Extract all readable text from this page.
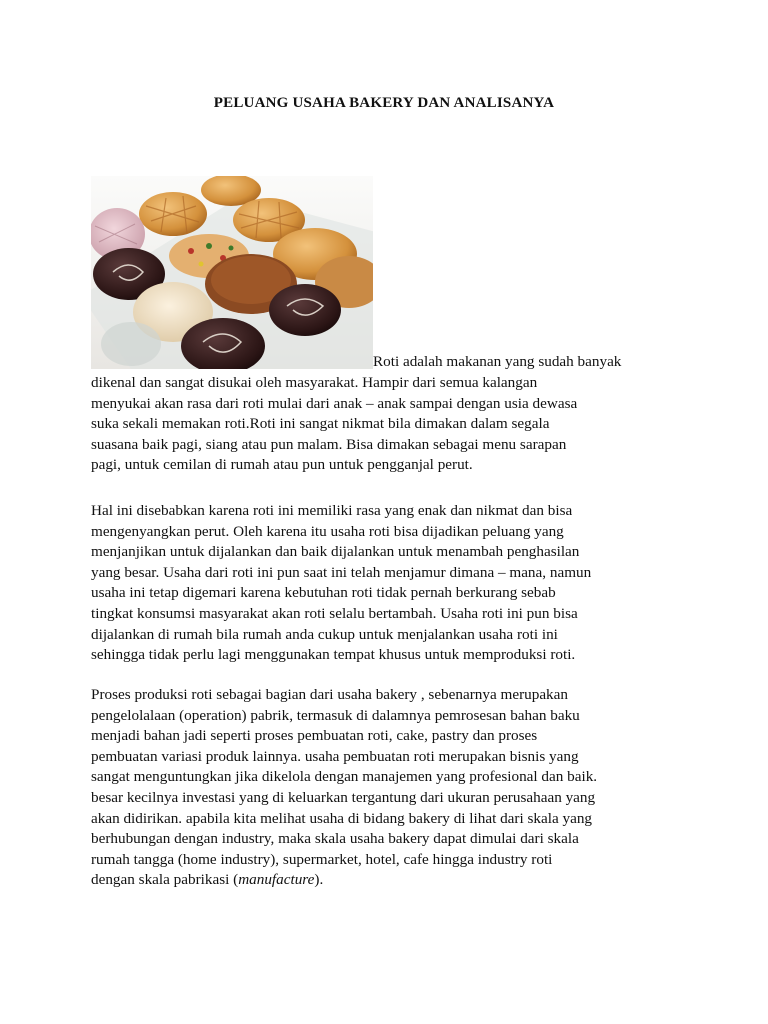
PELUANG USAHA BAKERY DAN ANALISANYA
Roti adalah makanan yang sudah banyak
dikenal dan sangat disukai oleh masyarakat. Hampir dari semua kalangan
menyukai akan rasa dari roti mulai dari anak – anak sampai dengan usia dewasa
suka sekali memakan roti.Roti ini sangat nikmat bila dimakan dalam segala
suasana baik pagi, siang atau pun malam. Bisa dimakan sebagai menu sarapan
pagi, untuk cemilan di rumah atau pun untuk pengganjal perut.
Hal ini disebabkan karena roti ini memiliki rasa yang enak dan nikmat dan bisa
mengenyangkan perut. Oleh karena itu usaha roti bisa dijadikan peluang yang
menjanjikan untuk dijalankan dan baik dijalankan untuk menambah penghasilan
yang besar. Usaha dari roti ini pun saat ini telah menjamur dimana – mana, namun
usaha ini tetap digemari karena kebutuhan roti tidak pernah berkurang sebab
tingkat konsumsi masyarakat akan roti selalu bertambah. Usaha roti ini pun bisa
dijalankan di rumah bila rumah anda cukup untuk menjalankan usaha roti ini
sehingga tidak perlu lagi menggunakan tempat khusus untuk memproduksi roti.
Proses produksi roti sebagai bagian dari usaha bakery , sebenarnya merupakan
pengelolalaan (operation) pabrik, termasuk di dalamnya pemrosesan bahan baku
menjadi bahan jadi seperti proses pembuatan roti, cake, pastry dan proses
pembuatan variasi produk lainnya. usaha pembuatan roti merupakan bisnis yang
sangat menguntungkan jika dikelola dengan manajemen yang profesional dan baik.
besar kecilnya investasi yang di keluarkan tergantung dari ukuran perusahaan yang
akan didirikan. apabila kita melihat usaha di bidang bakery di lihat dari skala yang
berhubungan dengan industry, maka skala usaha bakery dapat dimulai dari skala
rumah tangga (home industry), supermarket, hotel, cafe hingga industry roti
dengan skala pabrikasi (manufacture).
